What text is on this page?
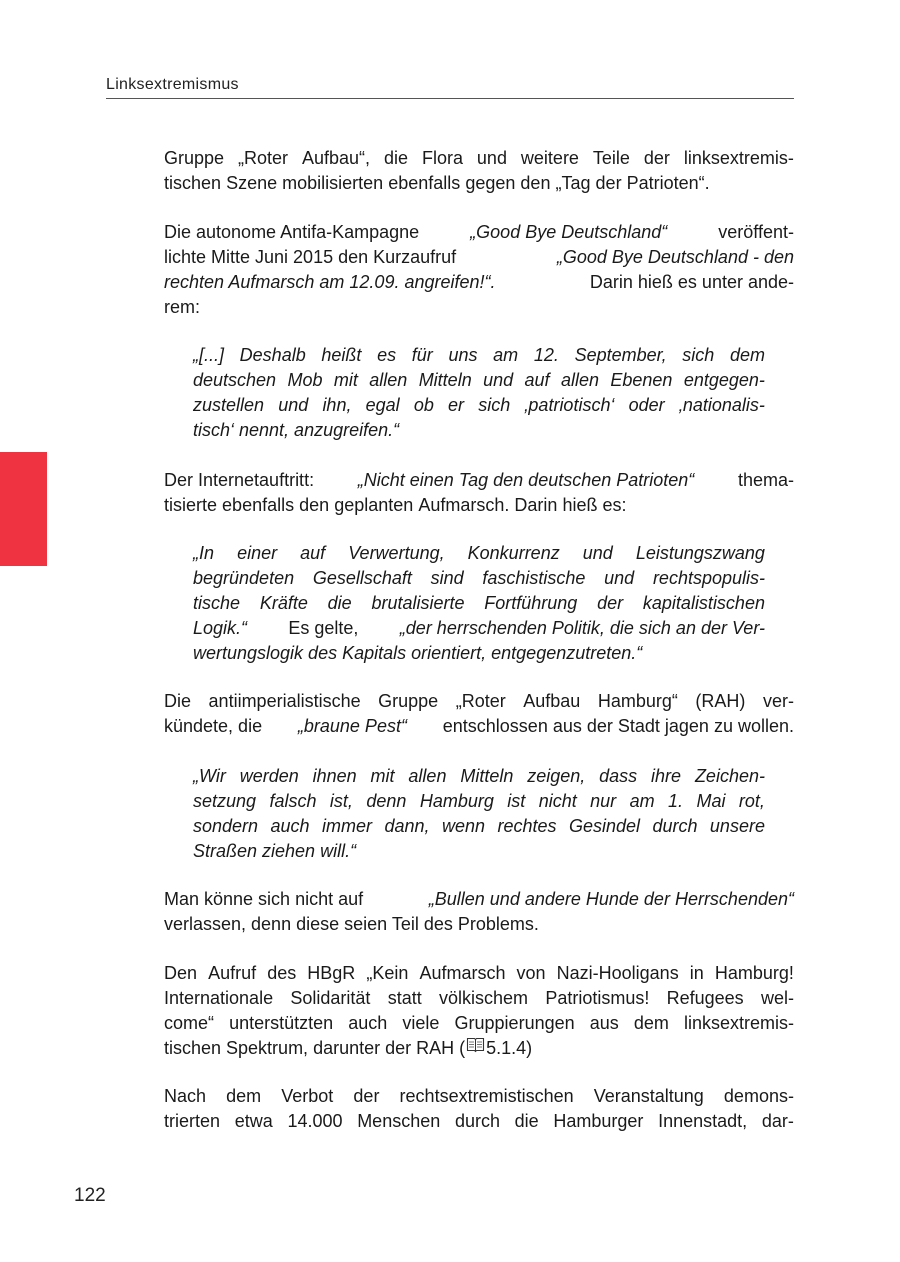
Linksextremismus
Gruppe „Roter Aufbau“, die Flora und weitere Teile der linksextremis-
tischen Szene mobilisierten ebenfalls gegen den „Tag der Patrioten“.
Die autonome Antifa-Kampagne	„Good Bye Deutschland“	veröffent-
lichte Mitte Juni 2015 den Kurzaufruf	„Good Bye Deutschland - den
rechten Aufmarsch am 12.09. angreifen!“.	Darin hieß es unter ande-
rem:
„[...] Deshalb heißt es für uns am 12. September, sich dem
deutschen Mob mit allen Mitteln und auf allen Ebenen entgegen-
zustellen und ihn, egal ob er sich ‚patriotisch‘ oder ‚nationalis-
tisch‘ nennt, anzugreifen.“
Der Internetauftritt: „Nicht einen Tag den deutschen Patrioten“ thema-
tisierte ebenfalls den geplanten Aufmarsch. Darin hieß es:
„In einer auf Verwertung, Konkurrenz und Leistungszwang
begründeten Gesellschaft sind faschistische und rechtspopulis-
tische Kräfte die brutalisierte Fortführung der kapitalistischen
Logik.“ Es gelte, „der herrschenden Politik, die sich an der Ver-
wertungslogik des Kapitals orientiert, entgegenzutreten.“
Die antiimperialistische Gruppe „Roter Aufbau Hamburg“ (RAH) ver-
kündete, die „braune Pest“ entschlossen aus der Stadt jagen zu wollen.
„Wir werden ihnen mit allen Mitteln zeigen, dass ihre Zeichen-
setzung falsch ist, denn Hamburg ist nicht nur am 1. Mai rot,
sondern auch immer dann, wenn rechtes Gesindel durch unsere
Straßen ziehen will.“
Man könne sich nicht auf	„Bullen und andere Hunde der Herrschenden“
verlassen, denn diese seien Teil des Problems.
Den Aufruf des HBgR „Kein Aufmarsch von Nazi-Hooligans in Hamburg!
Internationale Solidarität statt völkischem Patriotismus! Refugees wel-
come“ unterstützten auch viele Gruppierungen aus dem linksextremis-
tischen Spektrum, darunter der RAH ( 5.1.4)
Nach dem Verbot der rechtsextremistischen Veranstaltung demons-
trierten etwa 14.000 Menschen durch die Hamburger Innenstadt, dar-
122
